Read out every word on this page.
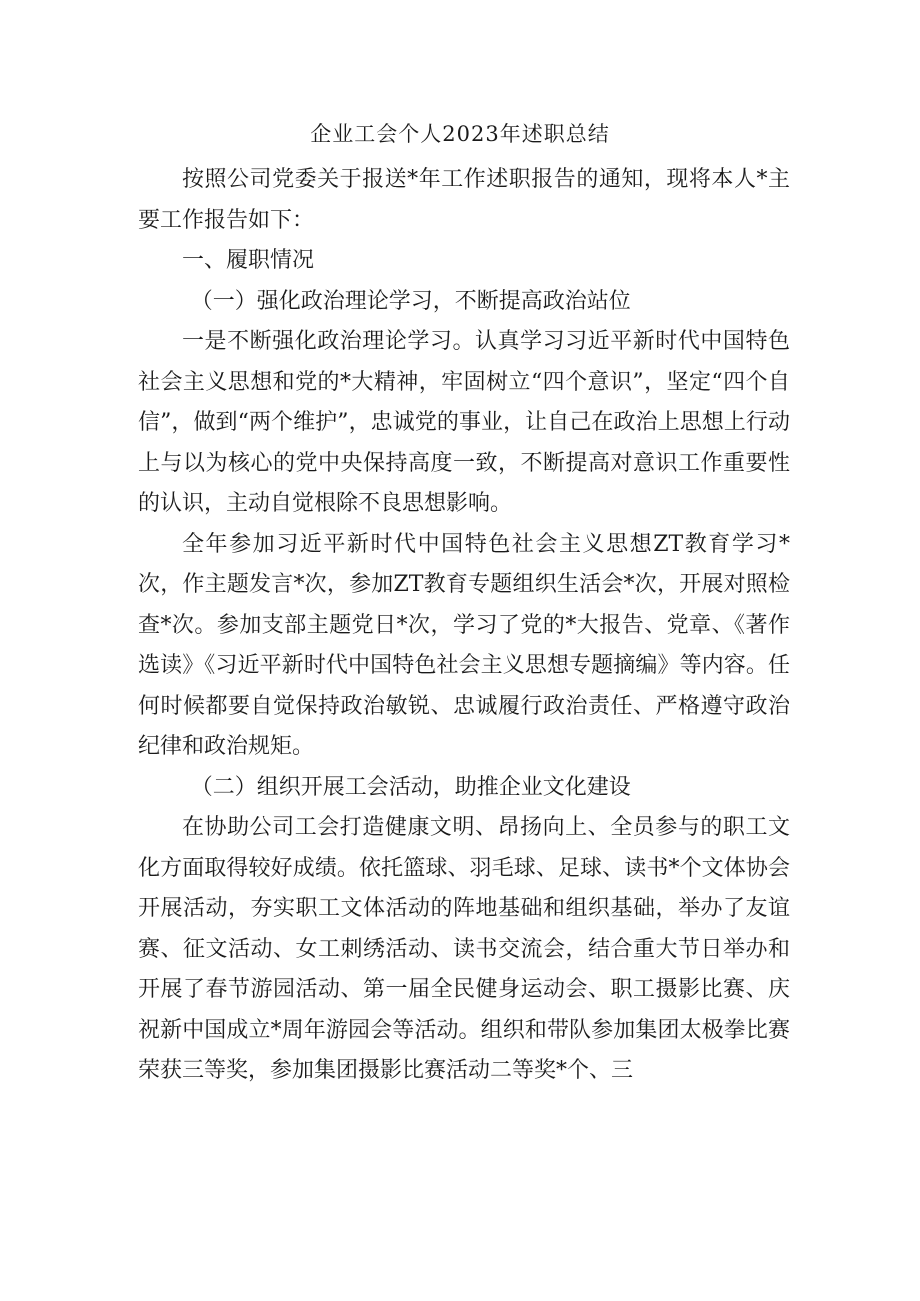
企业工会个人2023年述职总结

按照公司党委关于报送*年工作述职报告的通知，现将本人*主要工作报告如下：

一、履职情况

（一）强化政治理论学习，不断提高政治站位

一是不断强化政治理论学习。认真学习习近平新时代中国特色社会主义思想和党的*大精神，牢固树立“四个意识”，坚定“四个自信”，做到“两个维护”，忠诚党的事业，让自己在政治上思想上行动上与以为核心的党中央保持高度一致，不断提高对意识工作重要性的认识，主动自觉根除不良思想影响。

全年参加习近平新时代中国特色社会主义思想ZT教育学习*次，作主题发言*次，参加ZT教育专题组织生活会*次，开展对照检查*次。参加支部主题党日*次，学习了党的*大报告、党章、《著作选读》《习近平新时代中国特色社会主义思想专题摘编》等内容。任何时候都要自觉保持政治敏锐、忠诚履行政治责任、严格遵守政治纪律和政治规矩。

（二）组织开展工会活动，助推企业文化建设

在协助公司工会打造健康文明、昂扬向上、全员参与的职工文化方面取得较好成绩。依托篮球、羽毛球、足球、读书*个文体协会开展活动，夯实职工文体活动的阵地基础和组织基础，举办了友谊赛、征文活动、女工刺绣活动、读书交流会，结合重大节日举办和开展了春节游园活动、第一届全民健身运动会、职工摄影比赛、庆祝新中国成立*周年游园会等活动。组织和带队参加集团太极拳比赛荣获三等奖，参加集团摄影比赛活动二等奖*个、三
